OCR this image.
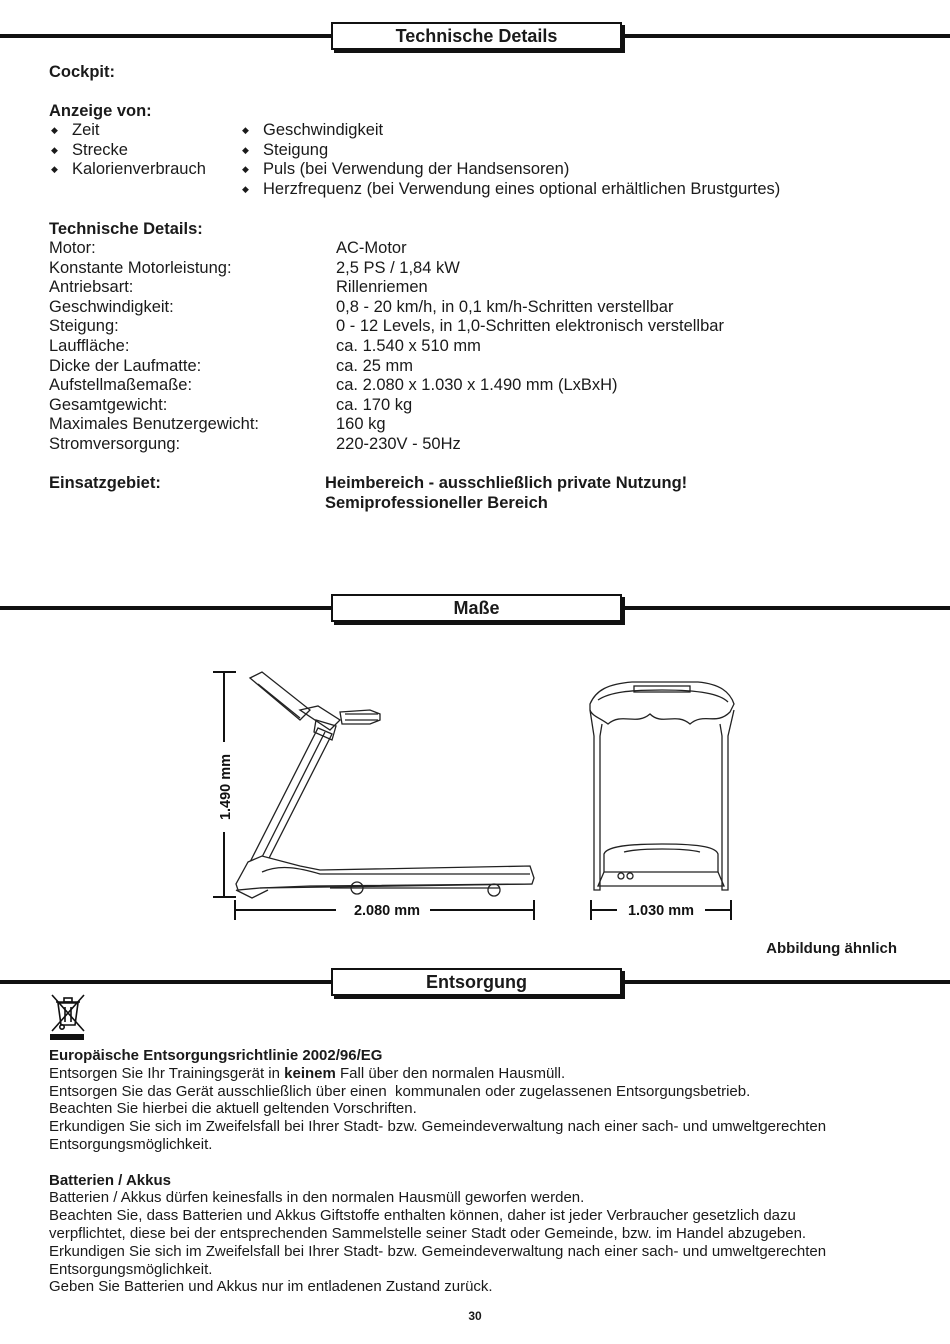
Technische Details
Cockpit:
Anzeige von:
◆ Zeit
◆ Strecke
◆ Kalorienverbrauch
◆ Geschwindigkeit
◆ Steigung
◆ Puls (bei Verwendung der Handsensoren)
◆ Herzfrequenz (bei Verwendung eines optional erhältlichen Brustgurtes)
Technische Details:
Motor:	AC-Motor
Konstante Motorleistung:	2,5 PS / 1,84 kW
Antriebsart:	Rillenriemen
Geschwindigkeit:	0,8 - 20 km/h, in 0,1 km/h-Schritten verstellbar
Steigung:	0 - 12 Levels, in 1,0-Schritten elektronisch verstellbar
Lauffläche:	ca. 1.540 x 510 mm
Dicke der Laufmatte:	ca. 25 mm
Aufstellmaßemaße:	ca. 2.080 x 1.030 x 1.490 mm (LxBxH)
Gesamtgewicht:	ca. 170 kg
Maximales Benutzergewicht:	160 kg
Stromversorgung:	220-230V - 50Hz
Einsatzgebiet:	Heimbereich - ausschließlich private Nutzung!
Semiprofessioneller Bereich
Maße
1.490 mm
2.080 mm	1.030 mm
Abbildung ähnlich
Entsorgung
Europäische Entsorgungsrichtlinie 2002/96/EG
Entsorgen Sie Ihr Trainingsgerät in keinem Fall über den normalen Hausmüll.
Entsorgen Sie das Gerät ausschließlich über einen  kommunalen oder zugelassenen Entsorgungsbetrieb.
Beachten Sie hierbei die aktuell geltenden Vorschriften.
Erkundigen Sie sich im Zweifelsfall bei Ihrer Stadt- bzw. Gemeindeverwaltung nach einer sach- und umweltgerechten
Entsorgungsmöglichkeit.
Batterien / Akkus
Batterien / Akkus dürfen keinesfalls in den normalen Hausmüll geworfen werden.
Beachten Sie, dass Batterien und Akkus Giftstoffe enthalten können, daher ist jeder Verbraucher gesetzlich dazu
verpflichtet, diese bei der entsprechenden Sammelstelle seiner Stadt oder Gemeinde, bzw. im Handel abzugeben.
Erkundigen Sie sich im Zweifelsfall bei Ihrer Stadt- bzw. Gemeindeverwaltung nach einer sach- und umweltgerechten
Entsorgungsmöglichkeit.
Geben Sie Batterien und Akkus nur im entladenen Zustand zurück.
30
